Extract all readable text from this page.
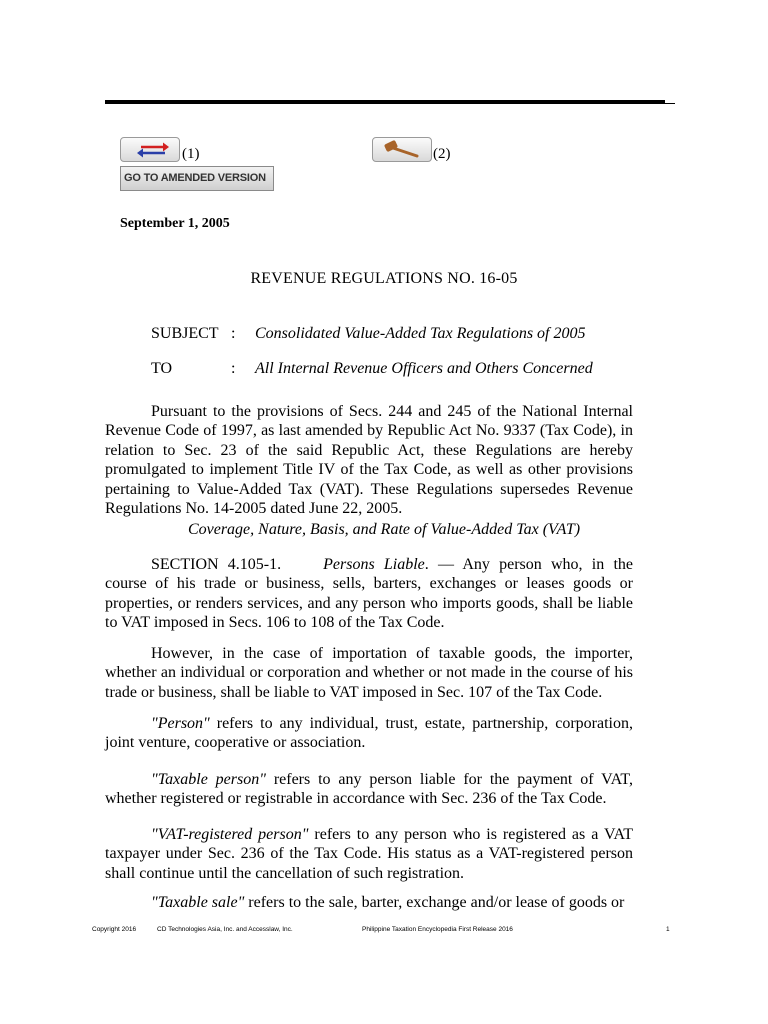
(1)	(2)
GO TO AMENDED VERSION
September 1, 2005
REVENUE REGULATIONS NO. 16-05
SUBJECT : Consolidated Value-Added Tax Regulations of 2005
TO	: All Internal Revenue Officers and Others Concerned

Pursuant to the provisions of Secs. 244 and 245 of the National Internal Revenue Code of 1997, as last amended by Republic Act No. 9337 (Tax Code), in relation to Sec. 23 of the said Republic Act, these Regulations are hereby promulgated to implement Title IV of the Tax Code, as well as other provisions pertaining to Value-Added Tax (VAT). These Regulations supersedes Revenue Regulations No. 14-2005 dated June 22, 2005.

Coverage, Nature, Basis, and Rate of Value-Added Tax (VAT)

SECTION 4.105-1.	Persons Liable. — Any person who, in the course of his trade or business, sells, barters, exchanges or leases goods or properties, or renders services, and any person who imports goods, shall be liable to VAT imposed in Secs. 106 to 108 of the Tax Code.

However, in the case of importation of taxable goods, the importer, whether an individual or corporation and whether or not made in the course of his trade or business, shall be liable to VAT imposed in Sec. 107 of the Tax Code.

"Person" refers to any individual, trust, estate, partnership, corporation, joint venture, cooperative or association.

"Taxable person" refers to any person liable for the payment of VAT, whether registered or registrable in accordance with Sec. 236 of the Tax Code.

"VAT-registered person" refers to any person who is registered as a VAT taxpayer under Sec. 236 of the Tax Code. His status as a VAT-registered person shall continue until the cancellation of such registration.

"Taxable sale" refers to the sale, barter, exchange and/or lease of goods or

Copyright 2016	CD Technologies Asia, Inc. and Accesslaw, Inc.	Philippine Taxation Encyclopedia First Release 2016	1
